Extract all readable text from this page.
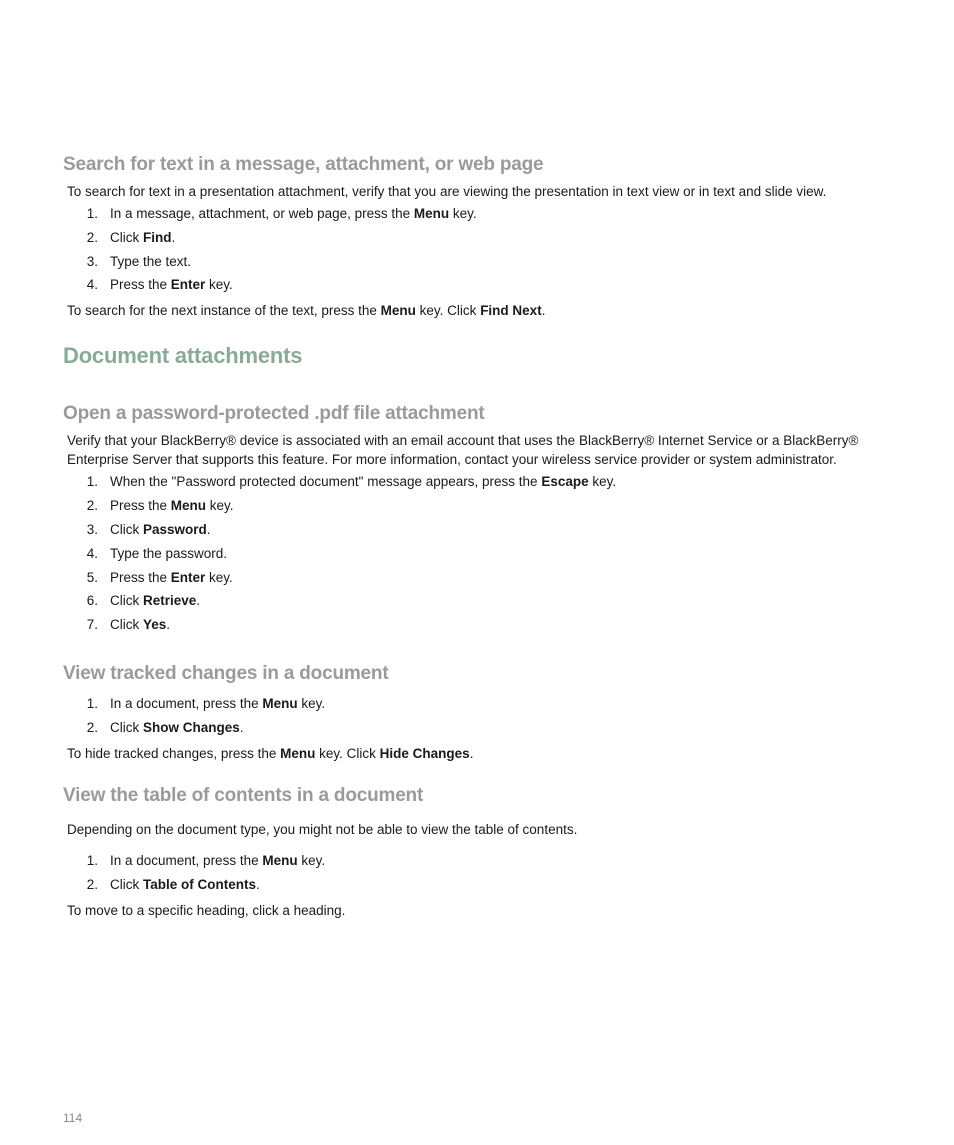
Search for text in a message, attachment, or web page
To search for text in a presentation attachment, verify that you are viewing the presentation in text view or in text and slide view.
1. In a message, attachment, or web page, press the Menu key.
2. Click Find.
3. Type the text.
4. Press the Enter key.
To search for the next instance of the text, press the Menu key. Click Find Next.
Document attachments
Open a password-protected .pdf file attachment
Verify that your BlackBerry® device is associated with an email account that uses the BlackBerry® Internet Service or a BlackBerry®
Enterprise Server that supports this feature. For more information, contact your wireless service provider or system administrator.
1. When the "Password protected document" message appears, press the Escape key.
2. Press the Menu key.
3. Click Password.
4. Type the password.
5. Press the Enter key.
6. Click Retrieve.
7. Click Yes.
View tracked changes in a document
1. In a document, press the Menu key.
2. Click Show Changes.
To hide tracked changes, press the Menu key. Click Hide Changes.
View the table of contents in a document
Depending on the document type, you might not be able to view the table of contents.
1. In a document, press the Menu key.
2. Click Table of Contents.
To move to a specific heading, click a heading.
114
